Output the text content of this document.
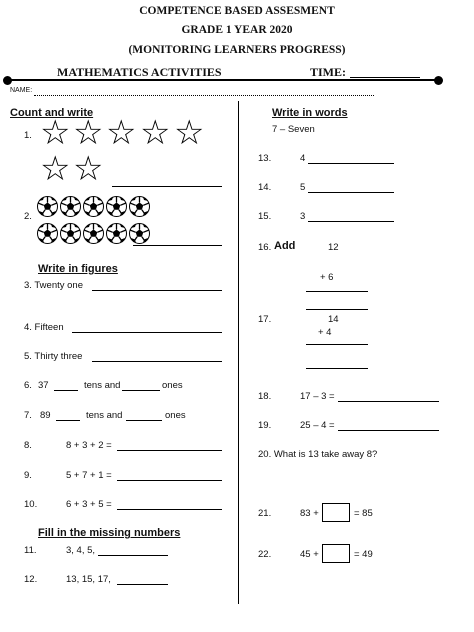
COMPETENCE BASED ASSESMENT
GRADE 1 YEAR 2020
(MONITORING LEARNERS PROGRESS)
MATHEMATICS ACTIVITIES	TIME:
NAME:
Count and write
1. ☆ ☆ ☆ ☆ ☆
☆ ☆
2.
Write in figures
3. Twenty one
4. Fifteen
5. Thirty three
6. 37	tens and	ones
7. 89	tens and	ones
8.	8 + 3 + 2 =
9.	5 + 7 + 1 =
10.	6 + 3 + 5 =
Fill in the missing numbers
11.	3, 4, 5,
12.	13, 15, 17,
Write in words
7 – Seven
13.	4
14.	5
15.	3
16. Add	12
+ 6
17.	14
+ 4
18.	17 – 3 =
19.	25 – 4 =
20. What is 13 take away 8?
21.	83 +	= 85
22.	45 +	= 49
